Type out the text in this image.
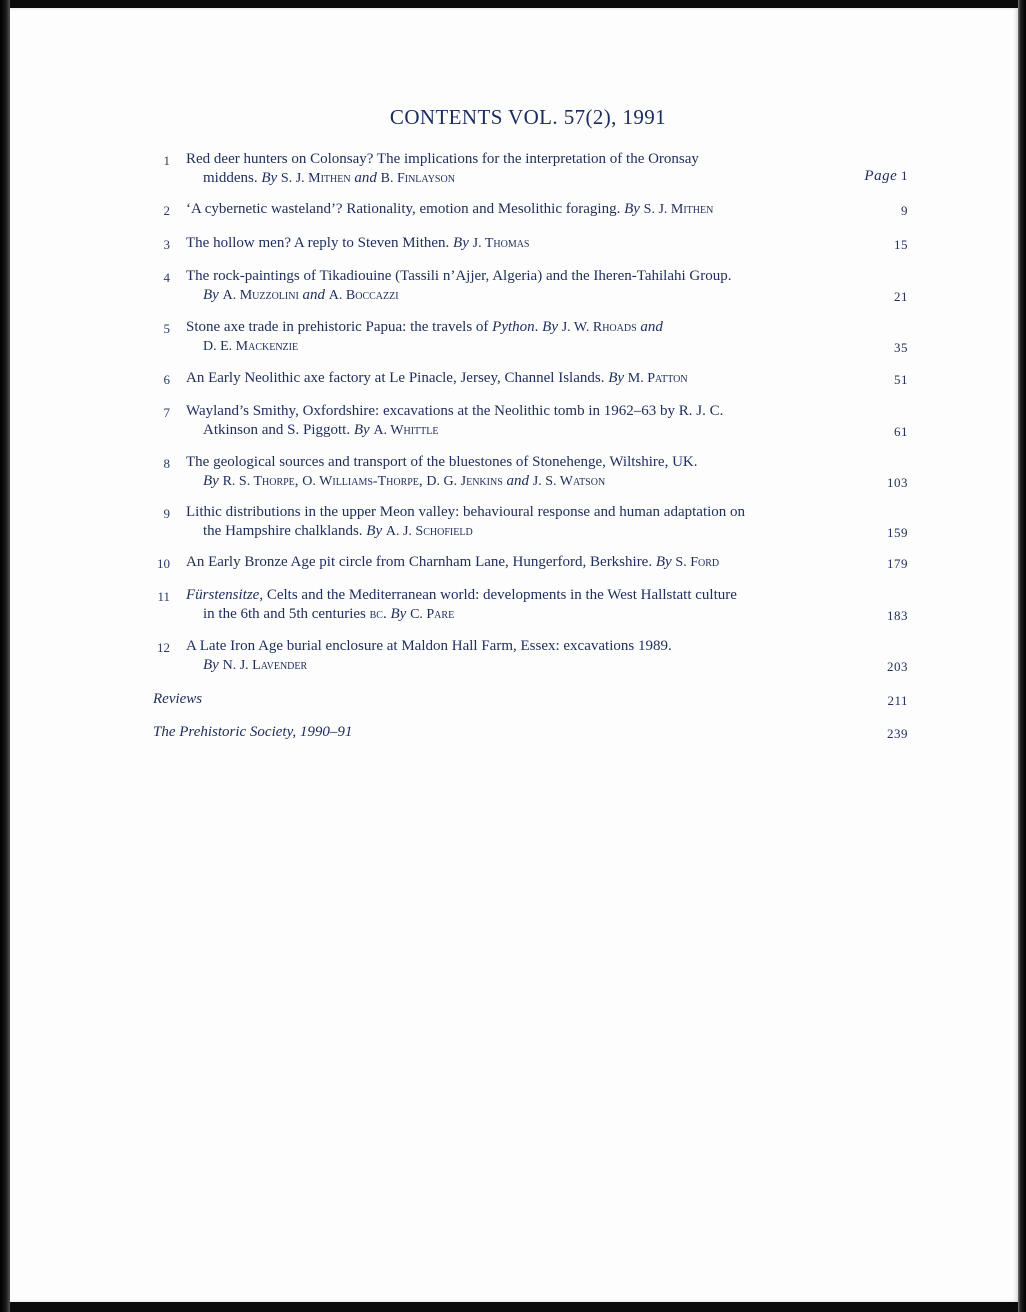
CONTENTS VOL. 57(2), 1991
1 Red deer hunters on Colonsay? The implications for the interpretation of the Oronsay
middens. By S. J. Mithen and B. Finlayson	Page 1
2 ‘A cybernetic wasteland’? Rationality, emotion and Mesolithic foraging. By S. J. Mithen	9
3 The hollow men? A reply to Steven Mithen. By J. Thomas	15
4 The rock-paintings of Tikadiouine (Tassili n’Ajjer, Algeria) and the Iheren-Tahilahi Group.
By A. Muzzolini and A. Boccazzi	21
5 Stone axe trade in prehistoric Papua: the travels of Python. By J. W. Rhoads and
D. E. Mackenzie	35
6 An Early Neolithic axe factory at Le Pinacle, Jersey, Channel Islands. By M. Patton	51
7 Wayland’s Smithy, Oxfordshire: excavations at the Neolithic tomb in 1962–63 by R. J. C.
Atkinson and S. Piggott. By A. Whittle	61
8 The geological sources and transport of the bluestones of Stonehenge, Wiltshire, UK.
By R. S. Thorpe, O. Williams-Thorpe, D. G. Jenkins and J. S. Watson	103
9 Lithic distributions in the upper Meon valley: behavioural response and human adaptation on
the Hampshire chalklands. By A. J. Schofield	159
10 An Early Bronze Age pit circle from Charnham Lane, Hungerford, Berkshire. By S. Ford	179
11 Fürstensitze, Celts and the Mediterranean world: developments in the West Hallstatt culture
in the 6th and 5th centuries bc. By C. Pare	183
12 A Late Iron Age burial enclosure at Maldon Hall Farm, Essex: excavations 1989.
By N. J. Lavender	203
Reviews	211
The Prehistoric Society, 1990–91	239
